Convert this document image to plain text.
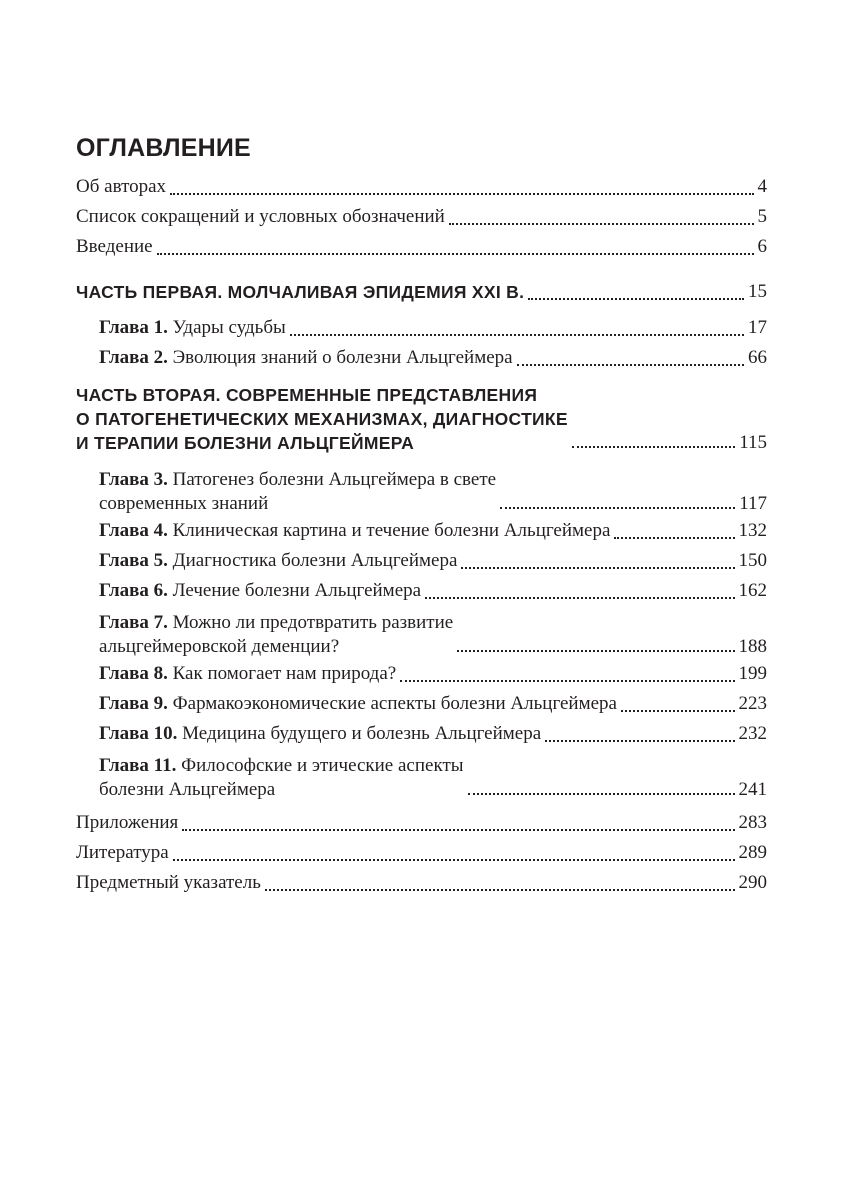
ОГЛАВЛЕНИЕ
Об авторах	4
Список сокращений и условных обозначений	5
Введение	6
ЧАСТЬ ПЕРВАЯ. МОЛЧАЛИВАЯ ЭПИДЕМИЯ XXI В.	15
Глава 1. Удары судьбы	17
Глава 2. Эволюция знаний о болезни Альцгеймера	66
ЧАСТЬ ВТОРАЯ. СОВРЕМЕННЫЕ ПРЕДСТАВЛЕНИЯ
О ПАТОГЕНЕТИЧЕСКИХ МЕХАНИЗМАХ, ДИАГНОСТИКЕ
И ТЕРАПИИ БОЛЕЗНИ АЛЬЦГЕЙМЕРА	115
Глава 3. Патогенез болезни Альцгеймера в свете
современных знаний	117
Глава 4. Клиническая картина и течение болезни Альцгеймера	132
Глава 5. Диагностика болезни Альцгеймера	150
Глава 6. Лечение болезни Альцгеймера	162
Глава 7. Можно ли предотвратить развитие
альцгеймеровской деменции?	188
Глава 8. Как помогает нам природа?	199
Глава 9. Фармакоэкономические аспекты болезни Альцгеймера	223
Глава 10. Медицина будущего и болезнь Альцгеймера	232
Глава 11. Философские и этические аспекты
болезни Альцгеймера	241
Приложения	283
Литература	289
Предметный указатель	290
